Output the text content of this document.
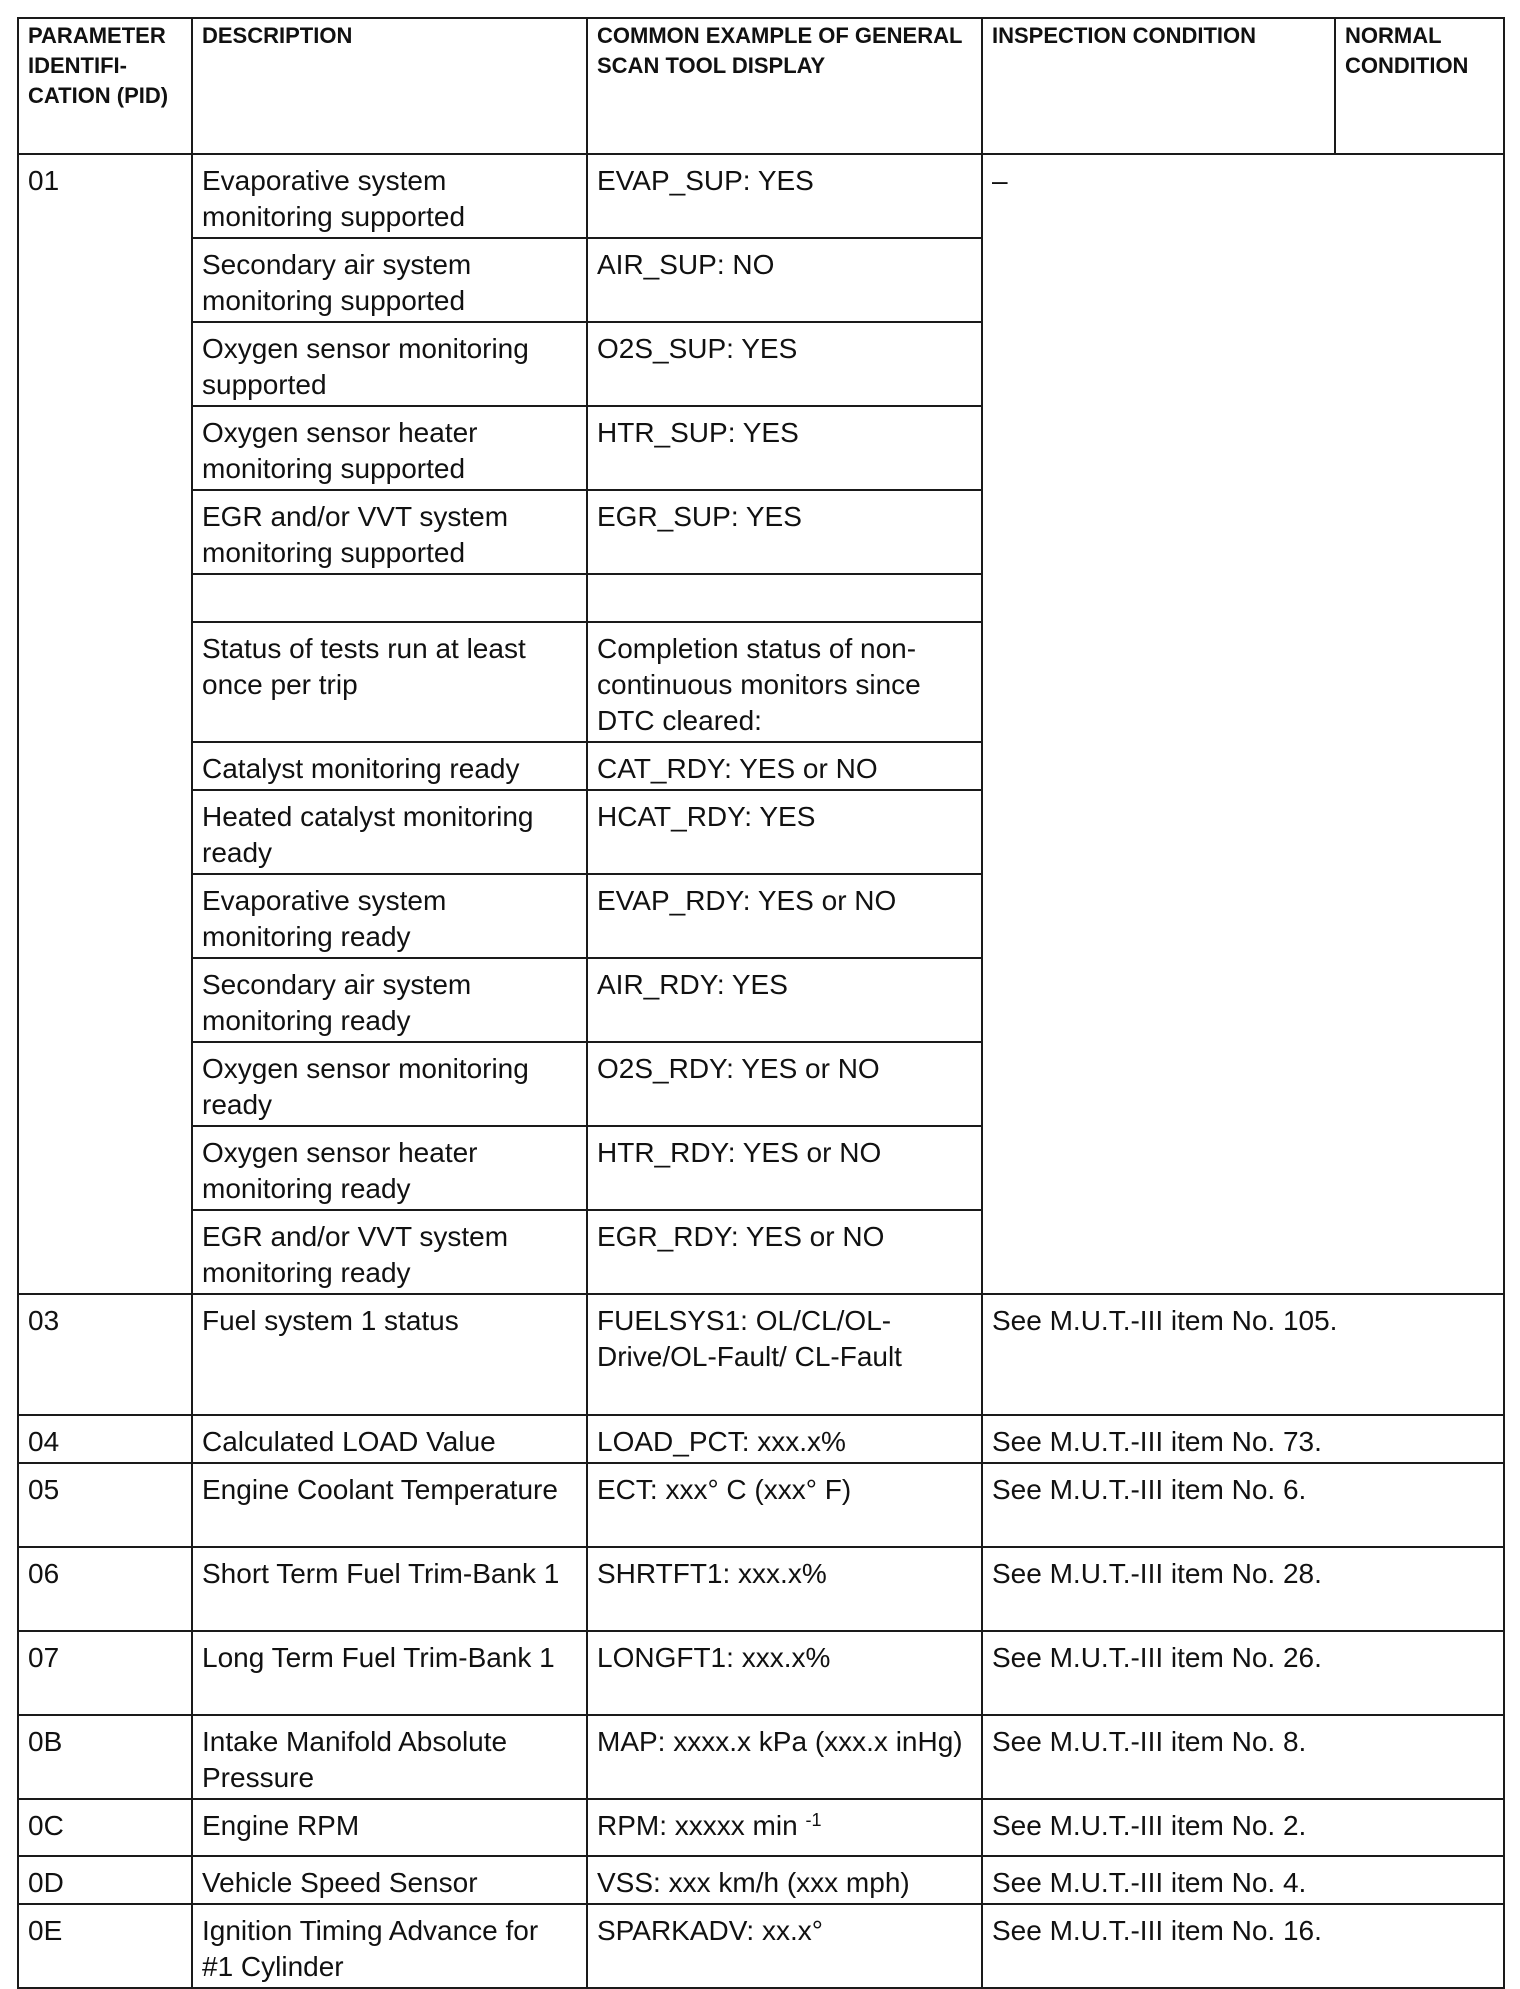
PARAMETER IDENTIFI-CATION (PID)	DESCRIPTION	COMMON EXAMPLE OF GENERAL SCAN TOOL DISPLAY	INSPECTION CONDITION	NORMAL CONDITION
01	Evaporative system monitoring supported	EVAP_SUP: YES	–	
	Secondary air system monitoring supported	AIR_SUP: NO		
	Oxygen sensor monitoring supported	O2S_SUP: YES		
	Oxygen sensor heater monitoring supported	HTR_SUP: YES		
	EGR and/or VVT system monitoring supported	EGR_SUP: YES		

	Status of tests run at least once per trip	Completion status of non-continuous monitors since DTC cleared:		
	Catalyst monitoring ready	CAT_RDY: YES or NO		
	Heated catalyst monitoring ready	HCAT_RDY: YES		
	Evaporative system monitoring ready	EVAP_RDY: YES or NO		
	Secondary air system monitoring ready	AIR_RDY: YES		
	Oxygen sensor monitoring ready	O2S_RDY: YES or NO		
	Oxygen sensor heater monitoring ready	HTR_RDY: YES or NO		
	EGR and/or VVT system monitoring ready	EGR_RDY: YES or NO		
03	Fuel system 1 status	FUELSYS1: OL/CL/OL-Drive/OL-Fault/ CL-Fault	See M.U.T.-III item No. 105.	
04	Calculated LOAD Value	LOAD_PCT: xxx.x%	See M.U.T.-III item No. 73.	
05	Engine Coolant Temperature	ECT: xxx° C (xxx° F)	See M.U.T.-III item No. 6.	
06	Short Term Fuel Trim-Bank 1	SHRTFT1: xxx.x%	See M.U.T.-III item No. 28.	
07	Long Term Fuel Trim-Bank 1	LONGFT1: xxx.x%	See M.U.T.-III item No. 26.	
0B	Intake Manifold Absolute Pressure	MAP: xxxx.x kPa (xxx.x inHg)	See M.U.T.-III item No. 8.	
0C	Engine RPM	RPM: xxxxx min $^{-1}$	See M.U.T.-III item No. 2.	
0D	Vehicle Speed Sensor	VSS: xxx km/h (xxx mph)	See M.U.T.-III item No. 4.	
0E	Ignition Timing Advance for #1 Cylinder	SPARKADV: xx.x°	See M.U.T.-III item No. 16.	
